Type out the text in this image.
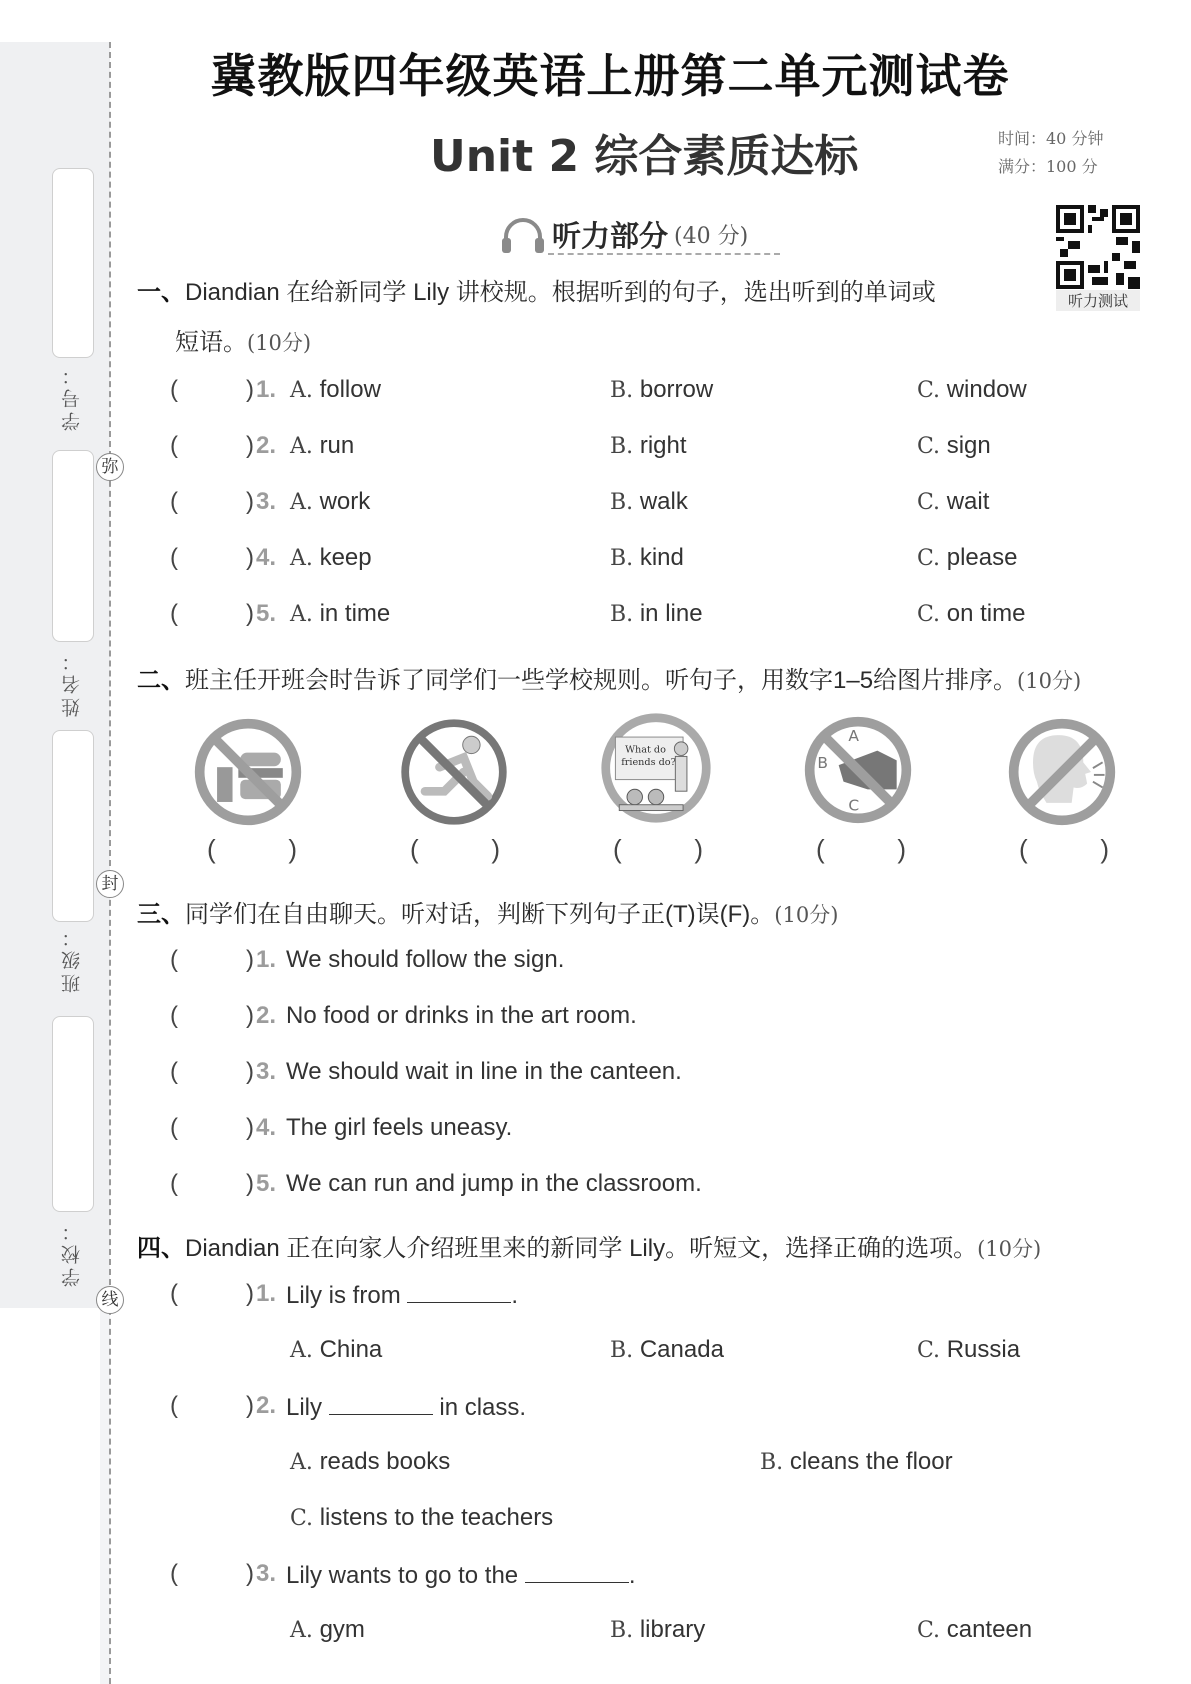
学号：
姓名：
班级：
学校：
弥
封
线
冀教版四年级英语上册第二单元测试卷
Unit 2 综合素质达标	时间：40 分钟
满分：100 分
听力测试
听力部分 (40 分)
一、Diandian 在给新同学 Lily 讲校规。根据听到的句子，选出听到的单词或
短语。(10分)
(	) 1. A. follow	B. borrow	C. window
(	) 2. A. run	B. right	C. sign
(	) 3. A. work	B. walk	C. wait
(	) 4. A. keep	B. kind	C. please
(	) 5. A. in time	B. in line	C. on time
二、班主任开班会时告诉了同学们一些学校规则。听句子，用数字1–5给图片排序。(10分)
What do
friends do?
A
B
C
(	)	(	)	(	)	(	)	(	)
三、同学们在自由聊天。听对话，判断下列句子正(T)误(F)。(10分)
(	) 1. We should follow the sign.
(	) 2. No food or drinks in the art room.
(	) 3. We should wait in line in the canteen.
(	) 4. The girl feels uneasy.
(	) 5. We can run and jump in the classroom.
四、Diandian 正在向家人介绍班里来的新同学 Lily。听短文，选择正确的选项。(10分)
(	) 1. Lily is from	.
A. China	B. Canada	C. Russia
(	) 2. Lily	in class.
A. reads books	B. cleans the floor
C. listens to the teachers
(	) 3. Lily wants to go to the	.
A. gym	B. library	C. canteen
